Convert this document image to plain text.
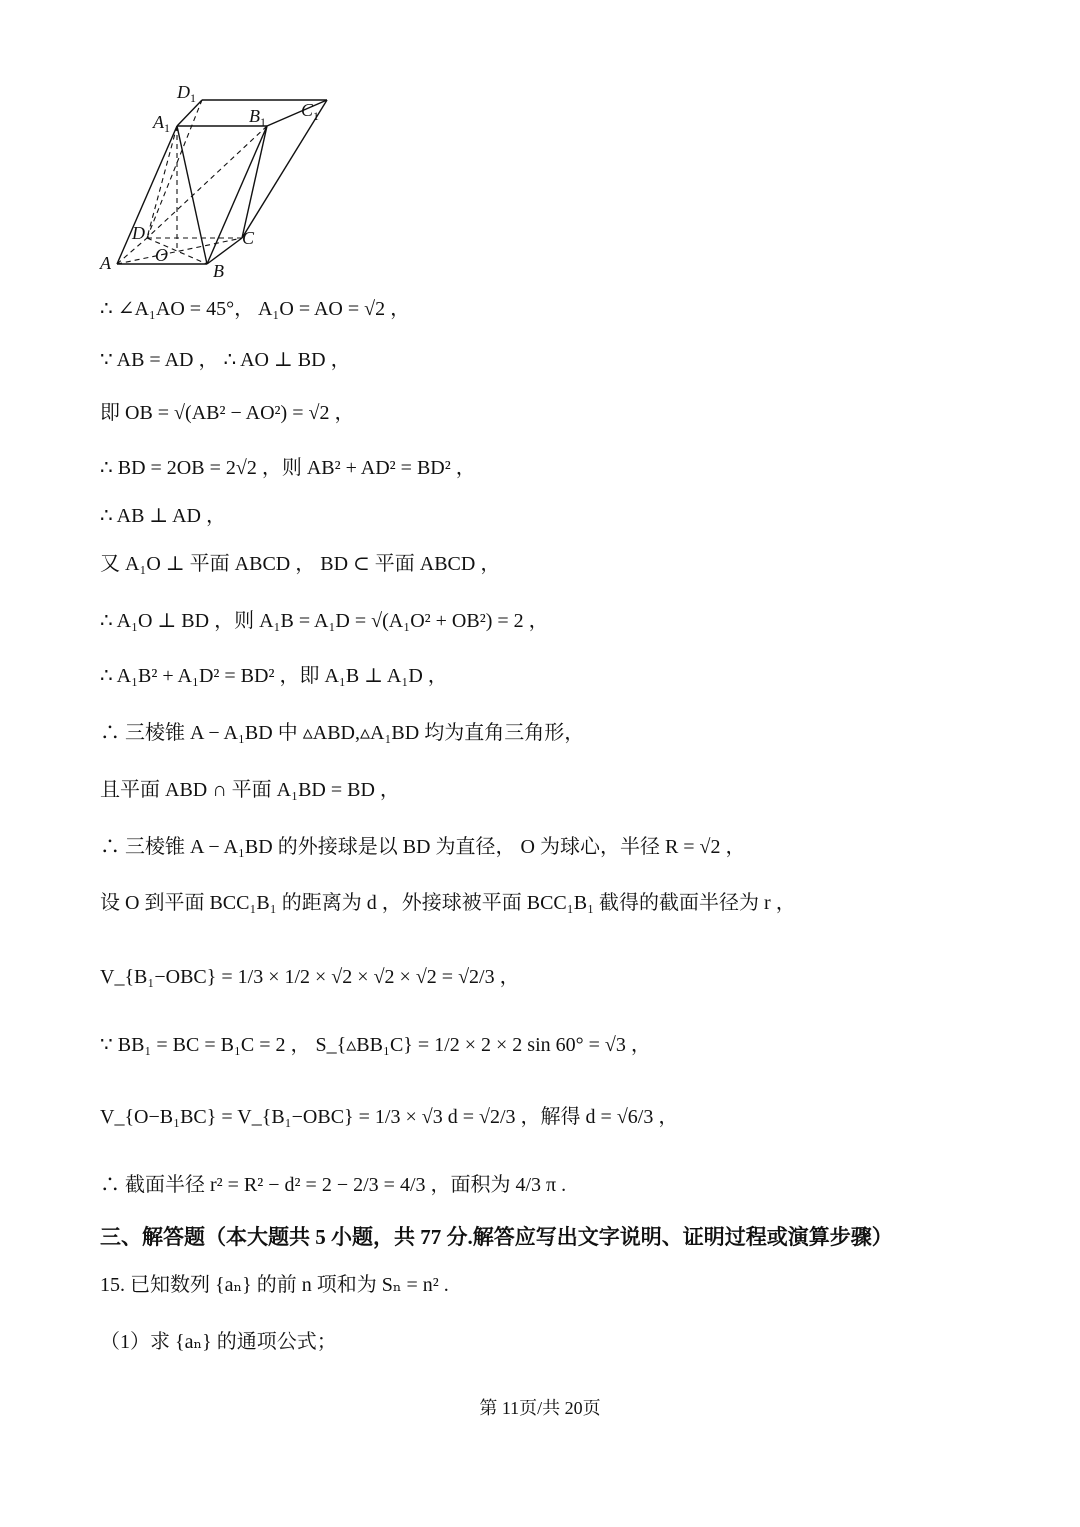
$D_1$
$A_1$
$B_1$
$C_1$
D	C
A O
B
∴ ∠A₁AO = 45°， A₁O = AO = √2 ，
∵ AB = AD ， ∴ AO ⊥ BD ，
即 OB = √(AB² − AO²) = √2 ，
∴ BD = 2OB = 2√2 ，则 AB² + AD² = BD² ，
∴ AB ⊥ AD ，
又 A₁O ⊥ 平面 ABCD ， BD ⊂ 平面 ABCD ，
∴ A₁O ⊥ BD ，则 A₁B = A₁D = √(A₁O² + OB²) = 2 ，
∴ A₁B² + A₁D² = BD² ，即 A₁B ⊥ A₁D ，
∴ 三棱锥 A − A₁BD 中 ▵ABD,▵A₁BD 均为直角三角形，
且平面 ABD ∩ 平面 A₁BD = BD ，
∴ 三棱锥 A − A₁BD 的外接球是以 BD 为直径， O 为球心，半径 R = √2 ，
设 O 到平面 BCC₁B₁ 的距离为 d ，外接球被平面 BCC₁B₁ 截得的截面半径为 r ，
V_{B₁−OBC} = 1/3 × 1/2 × √2 × √2 × √2 = √2/3 ，
∵ BB₁ = BC = B₁C = 2 ， S_{▵BB₁C} = 1/2 × 2 × 2 sin 60° = √3 ，
V_{O−B₁BC} = V_{B₁−OBC} = 1/3 × √3 d = √2/3 ，解得 d = √6/3 ，
∴ 截面半径 r² = R² − d² = 2 − 2/3 = 4/3 ，面积为 4/3 π .
三、解答题（本大题共 5 小题，共 77 分.解答应写出文字说明、证明过程或演算步骤）
15. 已知数列 {aₙ} 的前 n 项和为 Sₙ = n² .
（1）求 {aₙ} 的通项公式；
第 11页/共 20页
